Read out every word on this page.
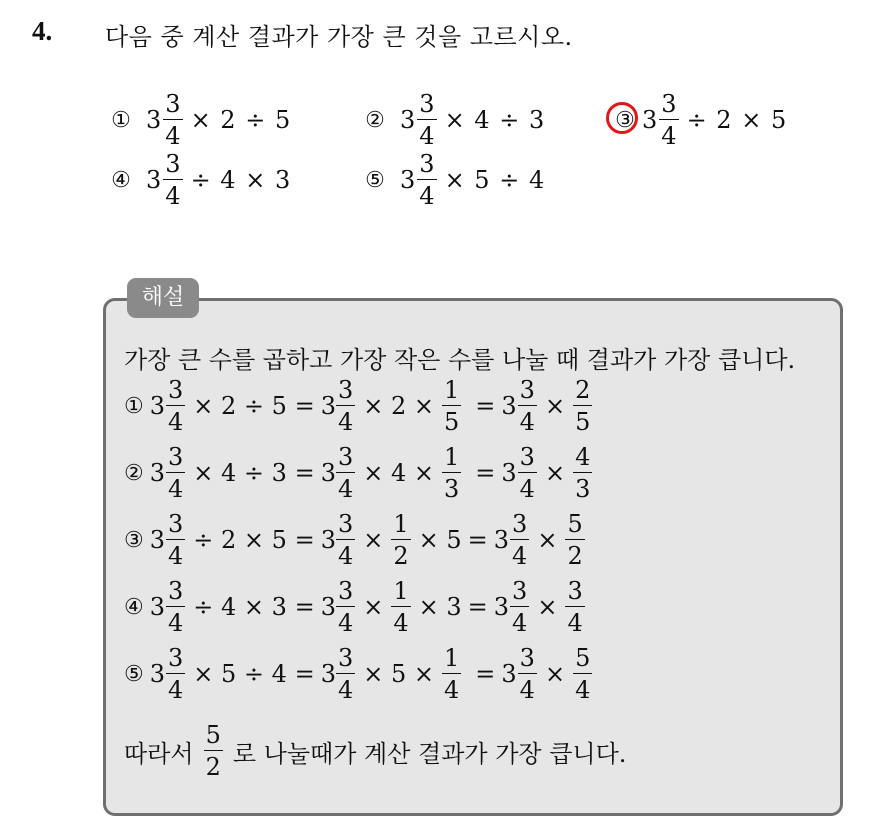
4. 다음 중 계산 결과가 가장 큰 것을 고르시오.
① $3 \frac{3}{4} \times 2 \div 5$	② $3 \frac{3}{4} \times 4 \div 3$	③ $3 \frac{3}{4} \div 2 \times 5$
④ $3 \frac{3}{4} \div 4 \times 3$	⑤ $3 \frac{3}{4} \times 5 \div 4$
해설
가장 큰 수를 곱하고 가장 작은 수를 나눌 때 결과가 가장 큽니다.
① $3 \frac{3}{4} \times 2 \div 5 = 3 \frac{3}{4} \times 2 \times \frac{1}{5} = 3 \frac{3}{4} \times \frac{2}{5}$
② $3 \frac{3}{4} \times 4 \div 3 = 3 \frac{3}{4} \times 4 \times \frac{1}{3} = 3 \frac{3}{4} \times \frac{4}{3}$
③ $3 \frac{3}{4} \div 2 \times 5 = 3 \frac{3}{4} \times \frac{1}{2} \times 5 = 3 \frac{3}{4} \times \frac{5}{2}$
④ $3 \frac{3}{4} \div 4 \times 3 = 3 \frac{3}{4} \times \frac{1}{4} \times 3 = 3 \frac{3}{4} \times \frac{3}{4}$
⑤ $3 \frac{3}{4} \times 5 \div 4 = 3 \frac{3}{4} \times 5 \times \frac{1}{4} = 3 \frac{3}{4} \times \frac{5}{4}$
따라서 $\frac{5}{2}$ 로 나눌때가 계산 결과가 가장 큽니다.
